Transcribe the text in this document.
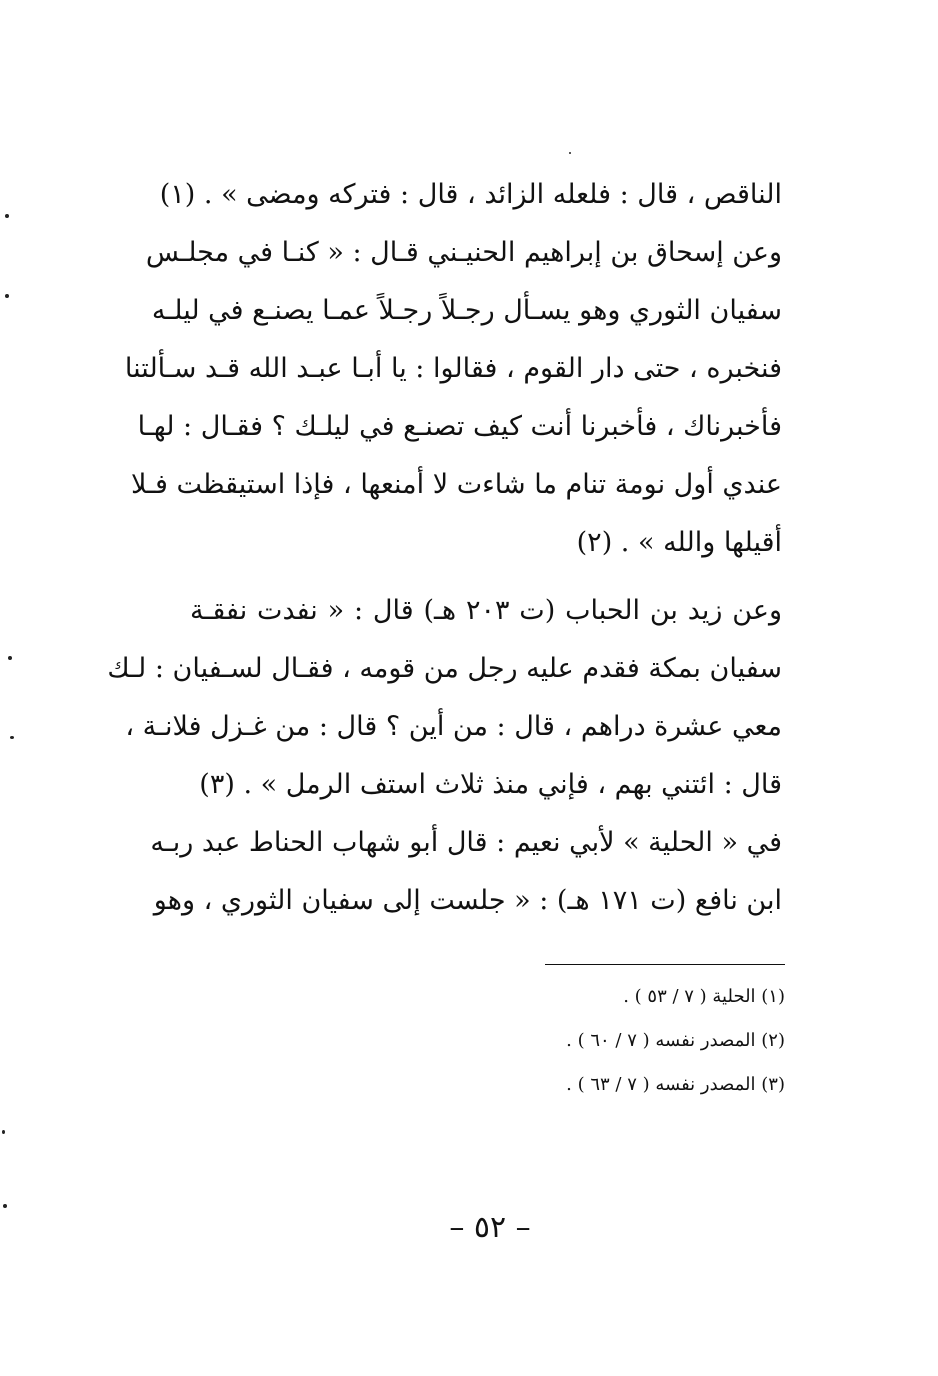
الناقص ، قال : فلعله الزائد ، قال : فتركه ومضى » . (١)
وعن إسحاق بن إبراهيم الحنيـني قـال : « كنـا في مجلـس
سفيان الثوري وهو يسـأل رجـلاً رجـلاً عمـا يصنـع في ليلـه
فنخبره ، حتى دار القوم ، فقالوا : يا أبـا عبـد الله قـد سـألتنا
فأخبرناك ، فأخبرنا أنت كيف تصنـع في ليلـك ؟ فقـال : لهـا
عندي أول نومة تنام ما شاءت لا أمنعها ، فإذا استيقظت فـلا
أقيلها والله » . (٢)
وعن زيد بن الحباب (ت ٢٠٣ هـ) قال : « نفدت نفقـة
سفيان بمكة فقدم عليه رجل من قومه ، فقـال لسـفيان : لـك
معي عشرة دراهم ، قال : من أين ؟ قال : من غـزل فلانـة ،
قال : ائتني بهم ، فإني منذ ثلاث استف الرمل » . (٣)
في « الحلية » لأبي نعيم : قال أبو شهاب الحناط عبد ربـه
ابن نافع (ت ١٧١ هـ) : « جلست إلى سفيان الثوري ، وهو
(١) الحلية ( ٧ / ٥٣ ) .
(٢) المصدر نفسه ( ٧ / ٦٠ ) .
(٣) المصدر نفسه ( ٧ / ٦٣ ) .
– ٥٢ –
